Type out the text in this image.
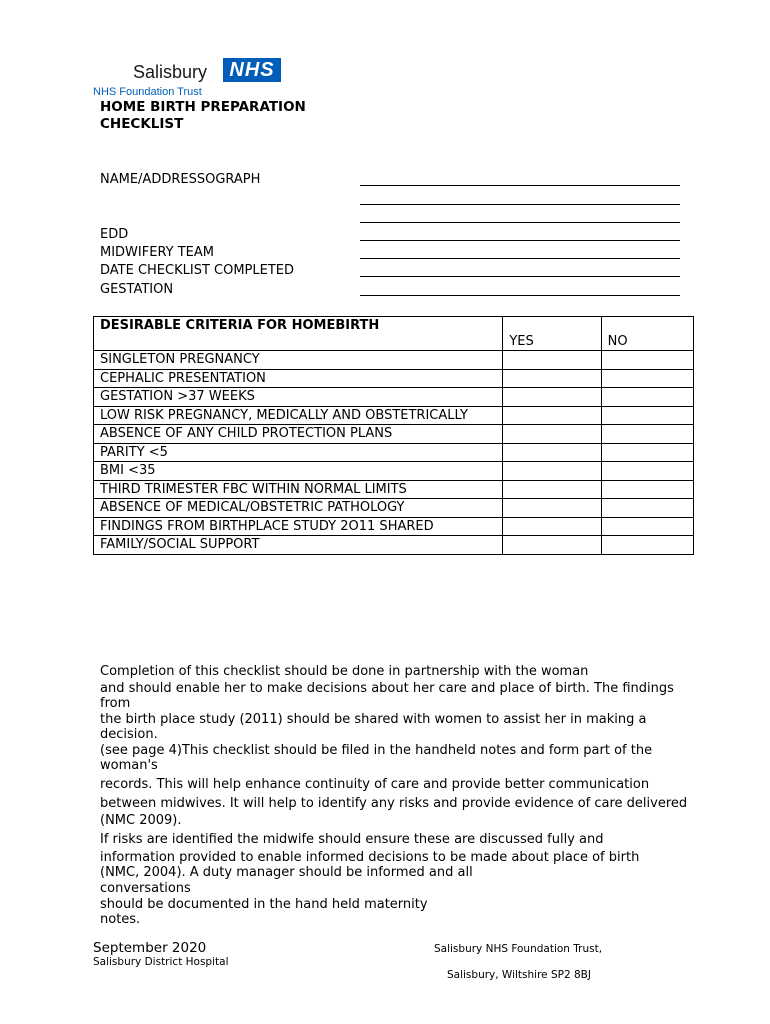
Salisbury	NHS
NHS Foundation Trust
HOME BIRTH PREPARATION
CHECKLIST
NAME/ADDRESSOGRAPH
EDD
MIDWIFERY TEAM
DATE CHECKLIST COMPLETED
GESTATION
DESIRABLE CRITERIA FOR HOMEBIRTH	YES	NO
SINGLETON PREGNANCY		
CEPHALIC PRESENTATION		
GESTATION >37 WEEKS		
LOW RISK PREGNANCY, MEDICALLY AND OBSTETRICALLY		
ABSENCE OF ANY CHILD PROTECTION PLANS		
PARITY <5		
BMI <35		
THIRD TRIMESTER FBC WITHIN NORMAL LIMITS		
ABSENCE OF MEDICAL/OBSTETRIC PATHOLOGY		
FINDINGS FROM BIRTHPLACE STUDY 2O11 SHARED		
FAMILY/SOCIAL SUPPORT		
Completion of this checklist should be done in partnership with the woman
and should enable her to make decisions about her care and place of birth. The findings
from
the birth place study (2011) should be shared with women to assist her in making a
decision.
(see page 4)This checklist should be filed in the handheld notes and form part of the
woman's
records. This will help enhance continuity of care and provide better communication
between midwives. It will help to identify any risks and provide evidence of care delivered
(NMC 2009).
If risks are identified the midwife should ensure these are discussed fully and
information provided to enable informed decisions to be made about place of birth
(NMC, 2004). A duty manager should be informed and all
conversations
should be documented in the hand held maternity
notes.
September 2020
Salisbury District Hospital
Salisbury NHS Foundation Trust,
Salisbury, Wiltshire SP2 8BJ
